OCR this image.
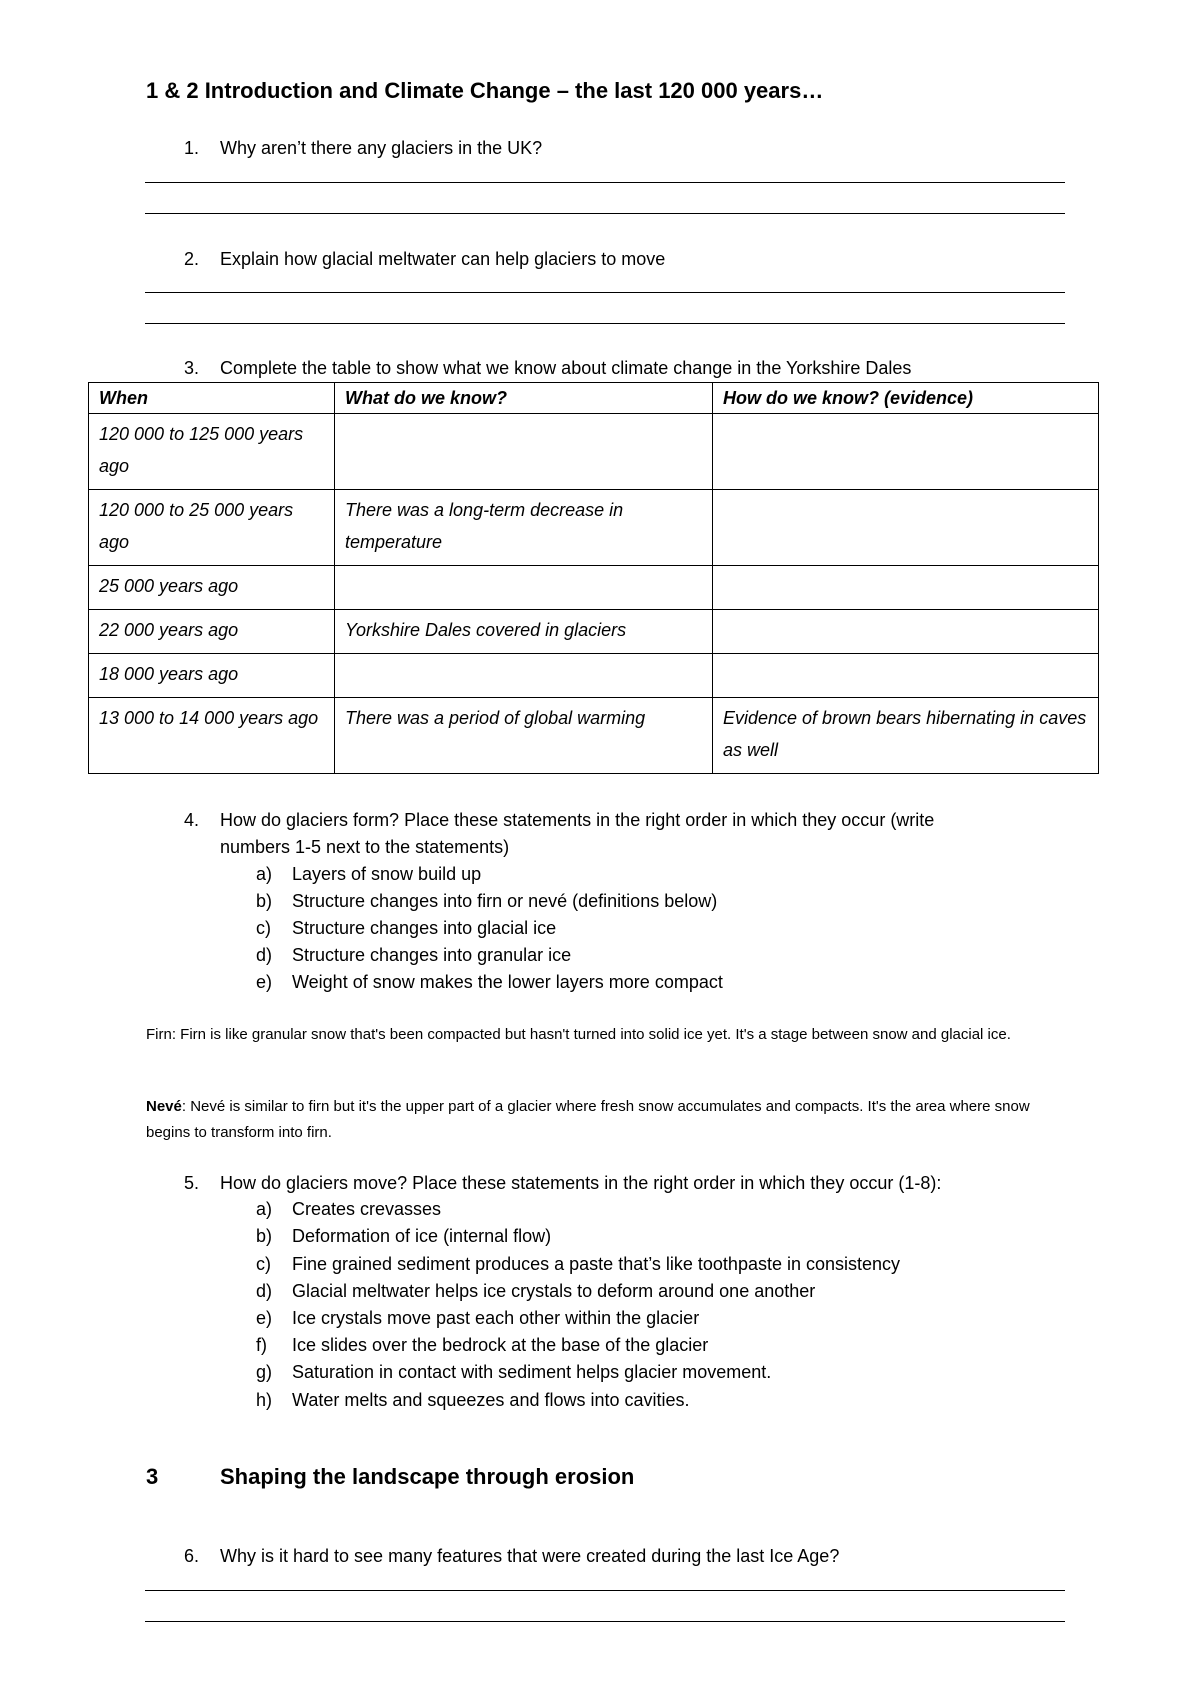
1 & 2 Introduction and Climate Change – the last 120 000 years…
1. Why aren’t there any glaciers in the UK?
2. Explain how glacial meltwater can help glaciers to move
3. Complete the table to show what we know about climate change in the Yorkshire Dales
When	What do we know?	How do we know? (evidence)
120 000 to 125 000 years ago		
120 000 to 25 000 years ago	There was a long-term decrease in temperature	
25 000 years ago		
22 000 years ago	Yorkshire Dales covered in glaciers	
18 000 years ago		
13 000 to 14 000 years ago	There was a period of global warming	Evidence of brown bears hibernating in caves as well
4. How do glaciers form? Place these statements in the right order in which they occur (write
numbers 1-5 next to the statements)
a) Layers of snow build up
b) Structure changes into firn or nevé (definitions below)
c) Structure changes into glacial ice
d) Structure changes into granular ice
e) Weight of snow makes the lower layers more compact
Firn: Firn is like granular snow that's been compacted but hasn't turned into solid ice yet. It's a stage between snow and glacial ice.
Nevé: Nevé is similar to firn but it's the upper part of a glacier where fresh snow accumulates and compacts. It's the area where snow begins to transform into firn.
5. How do glaciers move? Place these statements in the right order in which they occur (1-8):
a) Creates crevasses
b) Deformation of ice (internal flow)
c) Fine grained sediment produces a paste that’s like toothpaste in consistency
d) Glacial meltwater helps ice crystals to deform around one another
e) Ice crystals move past each other within the glacier
f) Ice slides over the bedrock at the base of the glacier
g) Saturation in contact with sediment helps glacier movement.
h) Water melts and squeezes and flows into cavities.
3	Shaping the landscape through erosion
6. Why is it hard to see many features that were created during the last Ice Age?
